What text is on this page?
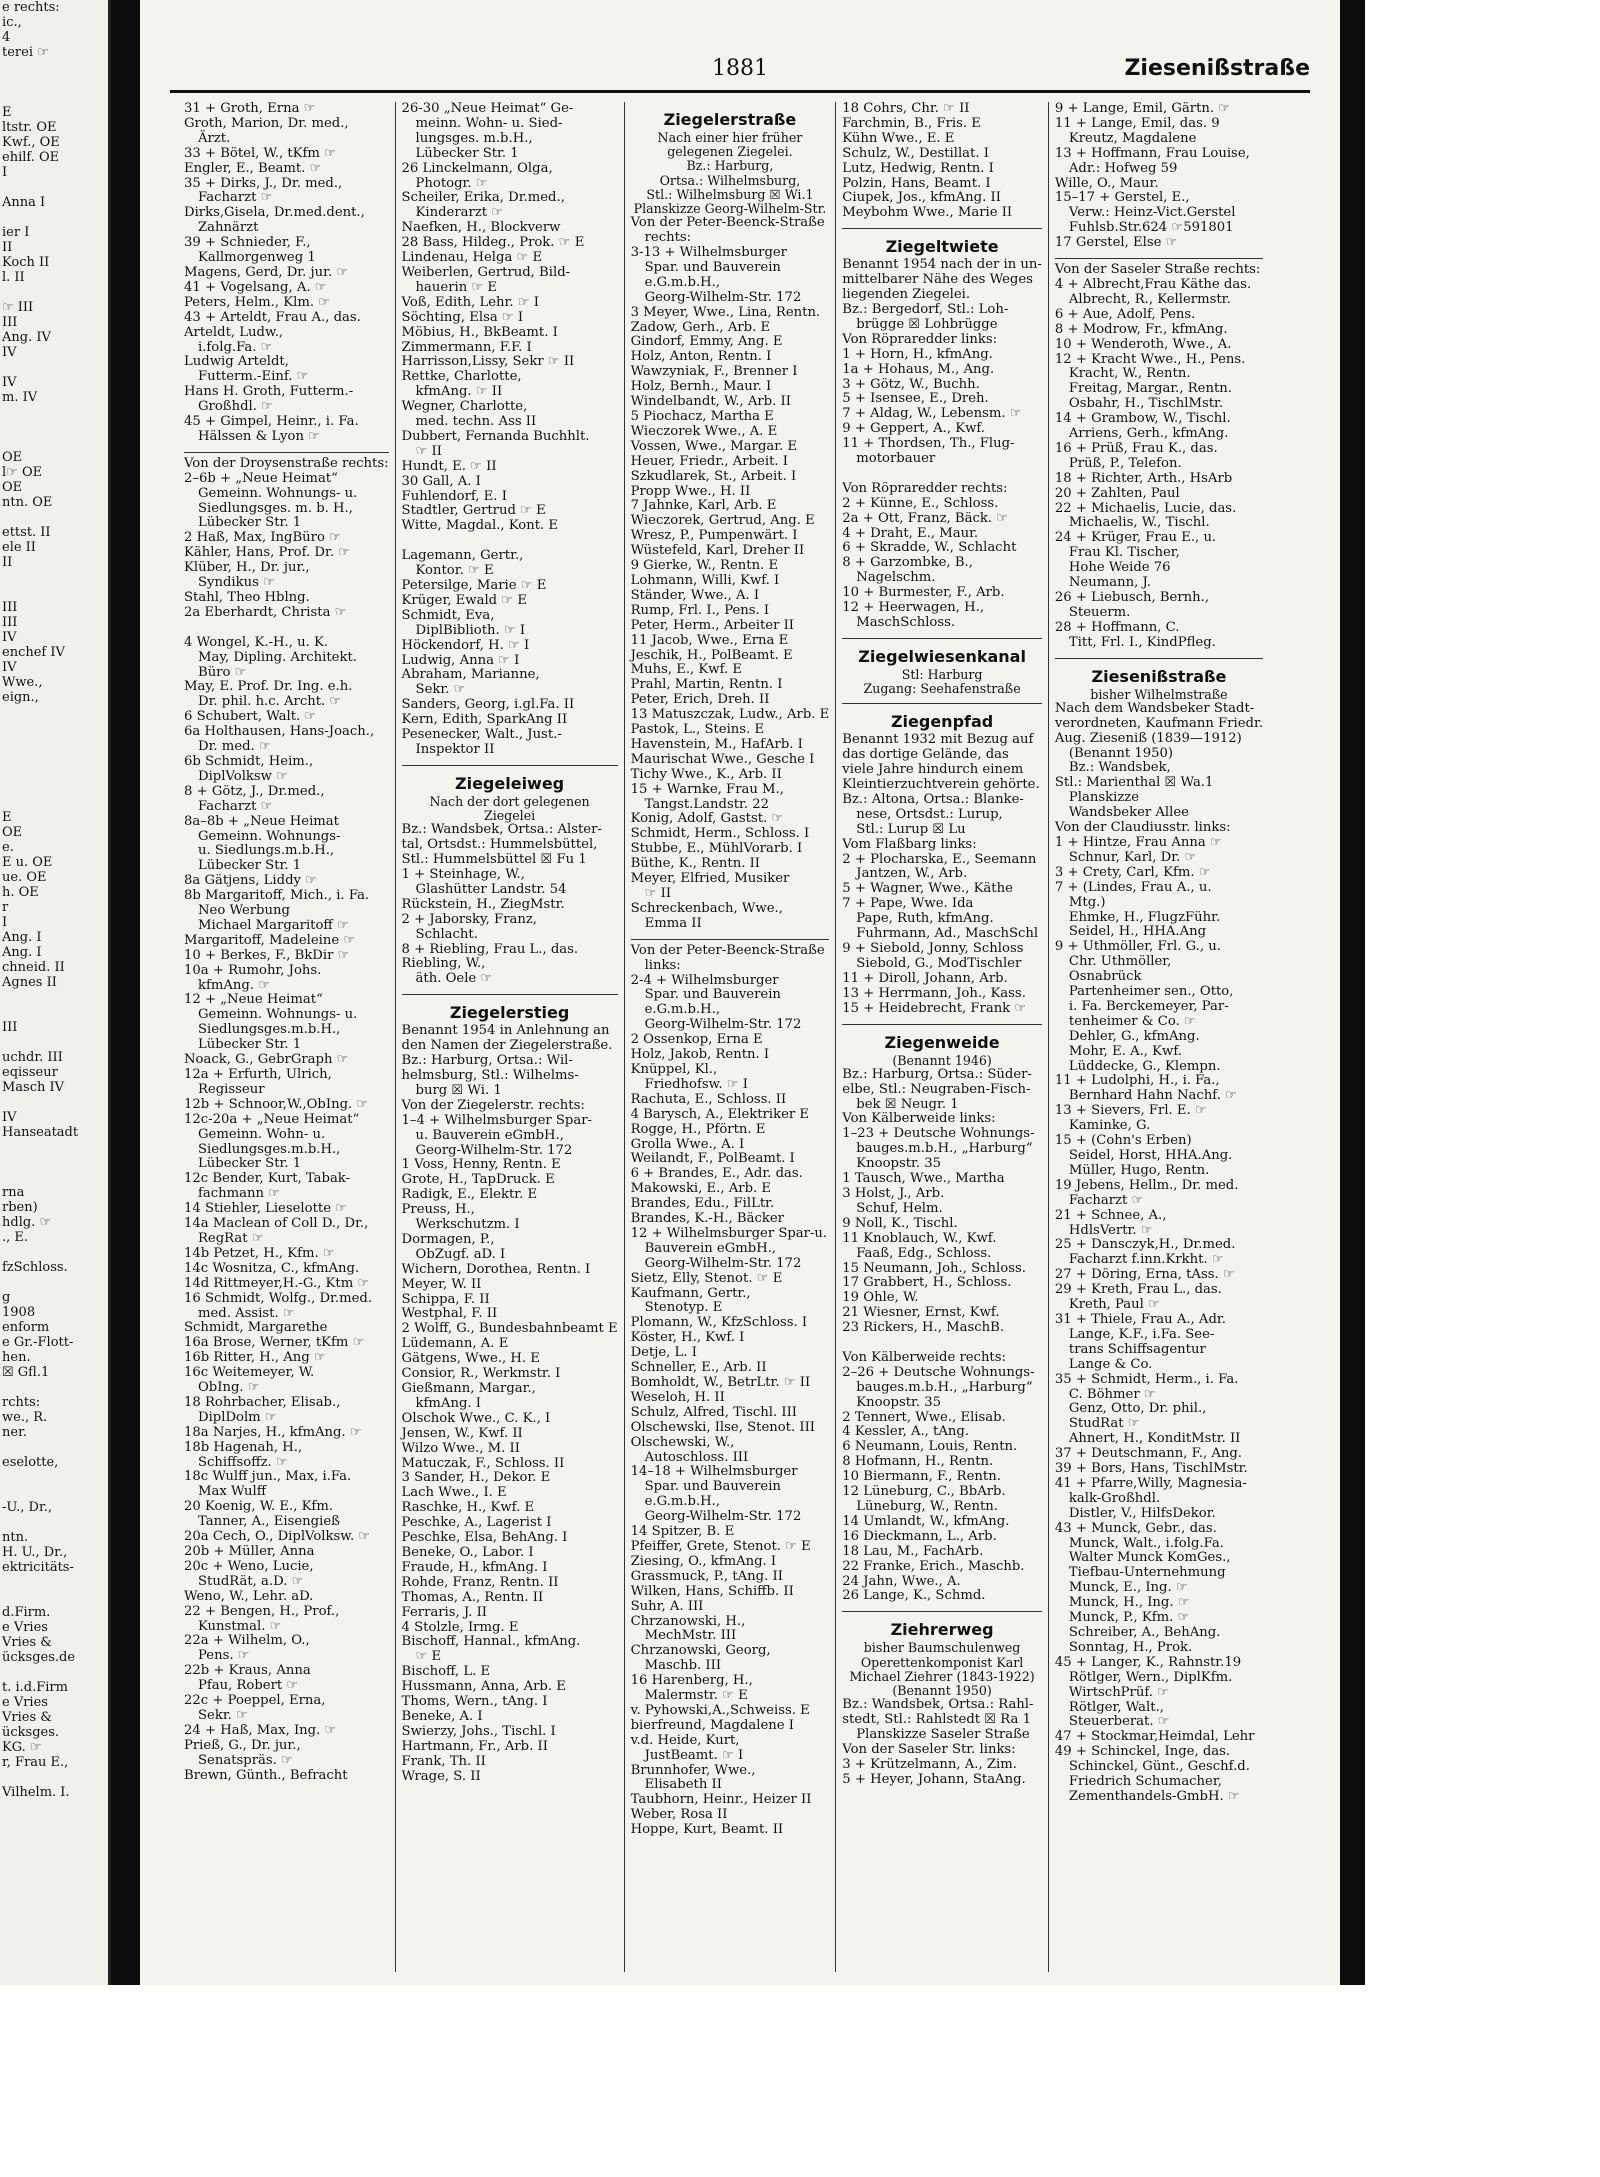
1881	Ziesenißstraße
31 + Groth, Erna ☞
Groth, Marion, Dr. med.,
Ärzt.
33 + Bötel, W., tKfm ☞
Engler, E., Beamt. ☞
35 + Dirks, J., Dr. med.,
Facharzt ☞
Dirks,Gisela, Dr.med.dent.,
Zahnärzt
39 + Schnieder, F.,
Kallmorgenweg 1
Magens, Gerd, Dr. jur. ☞
41 + Vogelsang, A. ☞
Peters, Helm., Klm. ☞
43 + Arteldt, Frau A., das.
Arteldt, Ludw.,
i.folg.Fa. ☞
Ludwig Arteldt,
Futterm.-Einf. ☞
Hans H. Groth, Futterm.-
Großhdl. ☞
45 + Gimpel, Heinr., i. Fa.
Hälssen & Lyon ☞
Von der Droysenstraße rechts:
2–6b + „Neue Heimat“
Gemeinn. Wohnungs- u.
Siedlungsges. m. b. H.,
Lübecker Str. 1
2 Haß, Max, IngBüro ☞
Kähler, Hans, Prof. Dr. ☞
Klüber, H., Dr. jur.,
Syndikus ☞
Stahl, Theo Hblng.
2a Eberhardt, Christa ☞

4 Wongel, K.-H., u. K.
May, Dipling. Architekt.
Büro ☞
May, E. Prof. Dr. Ing. e.h.
Dr. phil. h.c. Archt. ☞
6 Schubert, Walt. ☞
6a Holthausen, Hans-Joach.,
Dr. med. ☞
6b Schmidt, Heim.,
DiplVolksw ☞
8 + Götz, J., Dr.med.,
Facharzt ☞
8a–8b + „Neue Heimat
Gemeinn. Wohnungs-
u. Siedlungs.m.b.H.,
Lübecker Str. 1
8a Gätjens, Liddy ☞
8b Margaritoff, Mich., i. Fa.
Neo Werbung
Michael Margaritoff ☞
Margaritoff, Madeleine ☞
10 + Berkes, F., BkDir ☞
10a + Rumohr, Johs.
kfmAng. ☞
12 + „Neue Heimat“
Gemeinn. Wohnungs- u.
Siedlungsges.m.b.H.,
Lübecker Str. 1
Noack, G., GebrGraph ☞
12a + Erfurth, Ulrich,
Regisseur
12b + Schnoor,W.,ObIng. ☞
12c-20a + „Neue Heimat“
Gemeinn. Wohn- u.
Siedlungsges.m.b.H.,
Lübecker Str. 1
12c Bender, Kurt, Tabak-
fachmann ☞
14 Stiehler, Lieselotte ☞
14a Maclean of Coll D., Dr.,
RegRat ☞
14b Petzet, H., Kfm. ☞
14c Wosnitza, C., kfmAng.
14d Rittmeyer,H.-G., Ktm ☞
16 Schmidt, Wolfg., Dr.med.
med. Assist. ☞
Schmidt, Margarethe
16a Brose, Werner, tKfm ☞
16b Ritter, H., Ang ☞
16c Weitemeyer, W.
ObIng. ☞
18 Rohrbacher, Elisab.,
DiplDolm ☞
18a Narjes, H., kfmAng. ☞
18b Hagenah, H.,
Schiffsoffz. ☞
18c Wulff jun., Max, i.Fa.
Max Wulff
20 Koenig, W. E., Kfm.
Tanner, A., Eisengieß
20a Cech, O., DiplVolksw. ☞
20b + Müller, Anna
20c + Weno, Lucie,
StudRät, a.D. ☞
Weno, W., Lehr. aD.
22 + Bengen, H., Prof.,
Kunstmal. ☞
22a + Wilhelm, O.,
Pens. ☞
22b + Kraus, Anna
Pfau, Robert ☞
22c + Poeppel, Erna,
Sekr. ☞
24 + Haß, Max, Ing. ☞
Prieß, G., Dr. jur.,
Senatspräs. ☞
Brewn, Günth., Befracht
26-30 „Neue Heimat“ Ge-
meinn. Wohn- u. Sied-
lungsges. m.b.H.,
Lübecker Str. 1
26 Linckelmann, Olga,
Photogr. ☞
Scheiler, Erika, Dr.med.,
Kinderarzt ☞
Naefken, H., Blockverw
28 Bass, Hildeg., Prok. ☞ E
Lindenau, Helga ☞ E
Weiberlen, Gertrud, Bild-
hauerin ☞ E
Voß, Edith, Lehr. ☞ I
Söchting, Elsa ☞ I
Möbius, H., BkBeamt. I
Zimmermann, F.F. I
Harrisson,Lissy, Sekr ☞ II
Rettke, Charlotte,
kfmAng. ☞ II
Wegner, Charlotte,
med. techn. Ass II
Dubbert, Fernanda Buchhlt.
☞ II
Hundt, E. ☞ II
30 Gall, A. I
Fuhlendorf, E. I
Stadtler, Gertrud ☞ E
Witte, Magdal., Kont. E

Lagemann, Gertr.,
Kontor. ☞ E
Petersilge, Marie ☞ E
Krüger, Ewald ☞ E
Schmidt, Eva,
DiplBiblioth. ☞ I
Höckendorf, H. ☞ I
Ludwig, Anna ☞ I
Abraham, Marianne,
Sekr. ☞
Sanders, Georg, i.gl.Fa. II
Kern, Edith, SparkAng II
Pesenecker, Walt., Just.-
Inspektor II
Ziegeleiweg
Nach der dort gelegenen
Ziegelei
Bz.: Wandsbek, Ortsa.: Alster-
tal, Ortsdst.: Hummelsbüttel,
Stl.: Hummelsbüttel ☒ Fu 1
1 + Steinhage, W.,
Glashütter Landstr. 54
Rückstein, H., ZiegMstr.
2 + Jaborsky, Franz,
Schlacht.
8 + Riebling, Frau L., das.
Riebling, W.,
äth. Oele ☞
Ziegelerstieg
Benannt 1954 in Anlehnung an
den Namen der Ziegelerstraße.
Bz.: Harburg, Ortsa.: Wil-
helmsburg, Stl.: Wilhelms-
burg ☒ Wi. 1
Von der Ziegelerstr. rechts:
1–4 + Wilhelmsburger Spar-
u. Bauverein eGmbH.,
Georg-Wilhelm-Str. 172
1 Voss, Henny, Rentn. E
Grote, H., TapDruck. E
Radigk, E., Elektr. E
Preuss, H.,
Werkschutzm. I
Dormagen, P.,
ObZugf. aD. I
Wichern, Dorothea, Rentn. I
Meyer, W. II
Schippa, F. II
Westphal, F. II
2 Wolff, G., Bundesbahnbeamt E
Lüdemann, A. E
Gätgens, Wwe., H. E
Consior, R., Werkmstr. I
Gießmann, Margar.,
kfmAng. I
Olschok Wwe., C. K., I
Jensen, W., Kwf. II
Wilzo Wwe., M. II
Matuczak, F., Schloss. II
3 Sander, H., Dekor. E
Lach Wwe., I. E
Raschke, H., Kwf. E
Peschke, A., Lagerist I
Peschke, Elsa, BehAng. I
Beneke, O., Labor. I
Fraude, H., kfmAng. I
Rohde, Franz, Rentn. II
Thomas, A., Rentn. II
Ferraris, J. II
4 Stolzle, Irmg. E
Bischoff, Hannal., kfmAng.
☞ E
Bischoff, L. E
Hussmann, Anna, Arb. E
Thoms, Wern., tAng. I
Beneke, A. I
Swierzy, Johs., Tischl. I
Hartmann, Fr., Arb. II
Frank, Th. II
Wrage, S. II
Ziegelerstraße
Nach einer hier früher
gelegenen Ziegelei.
Bz.: Harburg,
Ortsa.: Wilhelmsburg,
Stl.: Wilhelmsburg ☒ Wi.1
Planskizze Georg-Wilhelm-Str.
Von der Peter-Beenck-Straße
rechts:
3-13 + Wilhelmsburger
Spar. und Bauverein
e.G.m.b.H.,
Georg-Wilhelm-Str. 172
3 Meyer, Wwe., Lina, Rentn.
Zadow, Gerh., Arb. E
Gindorf, Emmy, Ang. E
Holz, Anton, Rentn. I
Wawzyniak, F., Brenner I
Holz, Bernh., Maur. I
Windelbandt, W., Arb. II
5 Piochacz, Martha E
Wieczorek Wwe., A. E
Vossen, Wwe., Margar. E
Heuer, Friedr., Arbeit. I
Szkudlarek, St., Arbeit. I
Propp Wwe., H. II
7 Jahnke, Karl, Arb. E
Wieczorek, Gertrud, Ang. E
Wresz, P., Pumpenwärt. I
Wüstefeld, Karl, Dreher II
9 Gierke, W., Rentn. E
Lohmann, Willi, Kwf. I
Ständer, Wwe., A. I
Rump, Frl. I., Pens. I
Peter, Herm., Arbeiter II
11 Jacob, Wwe., Erna E
Jeschik, H., PolBeamt. E
Muhs, E., Kwf. E
Prahl, Martin, Rentn. I
Peter, Erich, Dreh. II
13 Matuszczak, Ludw., Arb. E
Pastok, L., Steins. E
Havenstein, M., HafArb. I
Maurischat Wwe., Gesche I
Tichy Wwe., K., Arb. II
15 + Warnke, Frau M.,
Tangst.Landstr. 22
Konig, Adolf, Gastst. ☞
Schmidt, Herm., Schloss. I
Stubbe, E., MühlVorarb. I
Büthe, K., Rentn. II
Meyer, Elfried, Musiker
☞ II
Schreckenbach, Wwe.,
Emma II
Von der Peter-Beenck-Straße
links:
2-4 + Wilhelmsburger
Spar. und Bauverein
e.G.m.b.H.,
Georg-Wilhelm-Str. 172
2 Ossenkop, Erna E
Holz, Jakob, Rentn. I
Knüppel, Kl.,
Friedhofsw. ☞ I
Rachuta, E., Schloss. II
4 Barysch, A., Elektriker E
Rogge, H., Pförtn. E
Grolla Wwe., A. I
Weilandt, F., PolBeamt. I
6 + Brandes, E., Adr. das.
Makowski, E., Arb. E
Brandes, Edu., FilLtr.
Brandes, K.-H., Bäcker
12 + Wilhelmsburger Spar-u.
Bauverein eGmbH.,
Georg-Wilhelm-Str. 172
Sietz, Elly, Stenot. ☞ E
Kaufmann, Gertr.,
Stenotyp. E
Plomann, W., KfzSchloss. I
Köster, H., Kwf. I
Detje, L. I
Schneller, E., Arb. II
Bomholdt, W., BetrLtr. ☞ II
Weseloh, H. II
Schulz, Alfred, Tischl. III
Olschewski, Ilse, Stenot. III
Olschewski, W.,
Autoschloss. III
14–18 + Wilhelmsburger
Spar. und Bauverein
e.G.m.b.H.,
Georg-Wilhelm-Str. 172
14 Spitzer, B. E
Pfeiffer, Grete, Stenot. ☞ E
Ziesing, O., kfmAng. I
Grassmuck, P., tAng. II
Wilken, Hans, Schiffb. II
Suhr, A. III
Chrzanowski, H.,
MechMstr. III
Chrzanowski, Georg,
Maschb. III
16 Harenberg, H.,
Malermstr. ☞ E
v. Pyhowski,A.,Schweiss. E
bierfreund, Magdalene I
v.d. Heide, Kurt,
JustBeamt. ☞ I
Brunnhofer, Wwe.,
Elisabeth II
Taubhorn, Heinr., Heizer II
Weber, Rosa II
Hoppe, Kurt, Beamt. II
18 Cohrs, Chr. ☞ II
Farchmin, B., Fris. E
Kühn Wwe., E. E
Schulz, W., Destillat. I
Lutz, Hedwig, Rentn. I
Polzin, Hans, Beamt. I
Ciupek, Jos., kfmAng. II
Meybohm Wwe., Marie II
Ziegeltwiete
Benannt 1954 nach der in un-
mittelbarer Nähe des Weges
liegenden Ziegelei.
Bz.: Bergedorf, Stl.: Loh-
brügge ☒ Lohbrügge
Von Röpraredder links:
1 + Horn, H., kfmAng.
1a + Hohaus, M., Ang.
3 + Götz, W., Buchh.
5 + Isensee, E., Dreh.
7 + Aldag, W., Lebensm. ☞
9 + Geppert, A., Kwf.
11 + Thordsen, Th., Flug-
motorbauer

Von Röpraredder rechts:
2 + Künne, E., Schloss.
2a + Ott, Franz, Bäck. ☞
4 + Draht, E., Maur.
6 + Skradde, W., Schlacht
8 + Garzombke, B.,
Nagelschm.
10 + Burmester, F., Arb.
12 + Heerwagen, H.,
MaschSchloss.
Ziegelwiesenkanal
Stl: Harburg
Zugang: Seehafenstraße
Ziegenpfad
Benannt 1932 mit Bezug auf
das dortige Gelände, das
viele Jahre hindurch einem
Kleintierzuchtverein gehörte.
Bz.: Altona, Ortsa.: Blanke-
nese, Ortsdst.: Lurup,
Stl.: Lurup ☒ Lu
Vom Flaßbarg links:
2 + Plocharska, E., Seemann
Jantzen, W., Arb.
5 + Wagner, Wwe., Käthe
7 + Pape, Wwe. Ida
Pape, Ruth, kfmAng.
Fuhrmann, Ad., MaschSchl
9 + Siebold, Jonny, Schloss
Siebold, G., ModTischler
11 + Diroll, Johann, Arb.
13 + Herrmann, Joh., Kass.
15 + Heidebrecht, Frank ☞
Ziegenweide
(Benannt 1946)
Bz.: Harburg, Ortsa.: Süder-
elbe, Stl.: Neugraben-Fisch-
bek ☒ Neugr. 1
Von Kälberweide links:
1–23 + Deutsche Wohnungs-
bauges.m.b.H., „Harburg“
Knoopstr. 35
1 Tausch, Wwe., Martha
3 Holst, J., Arb.
Schuf, Helm.
9 Noll, K., Tischl.
11 Knoblauch, W., Kwf.
Faaß, Edg., Schloss.
15 Neumann, Joh., Schloss.
17 Grabbert, H., Schloss.
19 Ohle, W.
21 Wiesner, Ernst, Kwf.
23 Rickers, H., MaschB.

Von Kälberweide rechts:
2–26 + Deutsche Wohnungs-
bauges.m.b.H., „Harburg“
Knoopstr. 35
2 Tennert, Wwe., Elisab.
4 Kessler, A., tAng.
6 Neumann, Louis, Rentn.
8 Hofmann, H., Rentn.
10 Biermann, F., Rentn.
12 Lüneburg, C., BbArb.
Lüneburg, W., Rentn.
14 Umlandt, W., kfmAng.
16 Dieckmann, L., Arb.
18 Lau, M., FachArb.
22 Franke, Erich., Maschb.
24 Jahn, Wwe., A.
26 Lange, K., Schmd.
Ziehrerweg
bisher Baumschulenweg
Operettenkomponist Karl
Michael Ziehrer (1843-1922)
(Benannt 1950)
Bz.: Wandsbek, Ortsa.: Rahl-
stedt, Stl.: Rahlstedt ☒ Ra 1
Planskizze Saseler Straße
Von der Saseler Str. links:
3 + Krützelmann, A., Zim.
5 + Heyer, Johann, StaAng.
9 + Lange, Emil, Gärtn. ☞
11 + Lange, Emil, das. 9
Kreutz, Magdalene
13 + Hoffmann, Frau Louise,
Adr.: Hofweg 59
Wille, O., Maur.
15–17 + Gerstel, E.,
Verw.: Heinz-Vict.Gerstel
Fuhlsb.Str.624 ☞591801
17 Gerstel, Else ☞
Von der Saseler Straße rechts:
4 + Albrecht,Frau Käthe das.
Albrecht, R., Kellermstr.
6 + Aue, Adolf, Pens.
8 + Modrow, Fr., kfmAng.
10 + Wenderoth, Wwe., A.
12 + Kracht Wwe., H., Pens.
Kracht, W., Rentn.
Freitag, Margar., Rentn.
Osbahr, H., TischlMstr.
14 + Grambow, W., Tischl.
Arriens, Gerh., kfmAng.
16 + Prüß, Frau K., das.
Prüß, P., Telefon.
18 + Richter, Arth., HsArb
20 + Zahlten, Paul
22 + Michaelis, Lucie, das.
Michaelis, W., Tischl.
24 + Krüger, Frau E., u.
Frau Kl. Tischer,
Hohe Weide 76
Neumann, J.
26 + Liebusch, Bernh.,
Steuerm.
28 + Hoffmann, C.
Titt, Frl. I., KindPfleg.
Ziesenißstraße
bisher Wilhelmstraße
Nach dem Wandsbeker Stadt-
verordneten, Kaufmann Friedr.
Aug. Ziesenіß (1839—1912)
(Benannt 1950)
Bz.: Wandsbek,
Stl.: Marienthal ☒ Wa.1
Planskizze
Wandsbeker Allee
Von der Claudiusstr. links:
1 + Hintze, Frau Anna ☞
Schnur, Karl, Dr. ☞
3 + Crety, Carl, Kfm. ☞
7 + (Lindes, Frau A., u.
Mtg.)
Ehmke, H., FlugzFühr.
Seidel, H., HHA.Ang
9 + Uthmöller, Frl. G., u.
Chr. Uthmöller,
Osnabrück
Partenheimer sen., Otto,
i. Fa. Berckemeyer, Par-
tenheimer & Co. ☞
Dehler, G., kfmAng.
Mohr, E. A., Kwf.
Lüddecke, G., Klempn.
11 + Ludolphi, H., i. Fa.,
Bernhard Hahn Nachf. ☞
13 + Sievers, Frl. E. ☞
Kaminke, G.
15 + (Cohn's Erben)
Seidel, Horst, HHA.Ang.
Müller, Hugo, Rentn.
19 Jebens, Hellm., Dr. med.
Facharzt ☞
21 + Schnee, A.,
HdlsVertr. ☞
25 + Dansczyk,H., Dr.med.
Facharzt f.inn.Krkht. ☞
27 + Döring, Erna, tAss. ☞
29 + Kreth, Frau L., das.
Kreth, Paul ☞
31 + Thiele, Frau A., Adr.
Lange, K.F., i.Fa. See-
trans Schiffsagentur
Lange & Co.
35 + Schmidt, Herm., i. Fa.
C. Böhmer ☞
Genz, Otto, Dr. phil.,
StudRat ☞
Ahnert, H., KonditMstr. II
37 + Deutschmann, F., Ang.
39 + Bors, Hans, TischlMstr.
41 + Pfarre,Willy, Magnesia-
kalk-Großhdl.
Distler, V., HilfsDekor.
43 + Munck, Gebr., das.
Munck, Walt., i.folg.Fa.
Walter Munck KomGes.,
Tiefbau-Unternehmung
Munck, E., Ing. ☞
Munck, H., Ing. ☞
Munck, P., Kfm. ☞
Schreiber, A., BehAng.
Sonntag, H., Prok.
45 + Langer, K., Rahnstr.19
Rötlger, Wern., DiplKfm.
WirtschPrüf. ☞
Rötlger, Walt.,
Steuerberat. ☞
47 + Stockmar,Heimdal, Lehr
49 + Schinckel, Inge, das.
Schinckel, Günt., Geschf.d.
Friedrich Schumacher,
Zementhandels-GmbH. ☞
e rechts:
ic.,
4
terei ☞

E
ltstr. OE
Kwf., OE
ehilf. OE
I

Anna I

ier I
II
Koch II
l. II

☞ III
III
Ang. IV
IV

IV
m. IV

OE
l☞ OE
OE
ntn. OE

ettst. II
ele II
II

III
III
IV
enchef IV
IV
Wwe.,
eign.,

E
OE
e.
E u. OE
ue. OE
h. OE
r
I
Ang. I
Ang. I
chneid. II
Agnes II

III

uchdr. III
eqisseur
Masch IV

IV
Hanseatadt

rna
rben)
hdlg. ☞
., E.

fzSchloss.

g
1908
enform
e Gr.-Flott-
hen.
☒ Gfl.1

rchts:
we., R.
ner.

eselotte,

-U., Dr.,

ntn.
H. U., Dr.,
ektricitäts-

d.Firm.
e Vries
Vries &
ücksges.de

t. i.d.Firm
e Vries
Vries &
ücksges.
KG. ☞
r, Frau E.,

Vilhelm. I.
